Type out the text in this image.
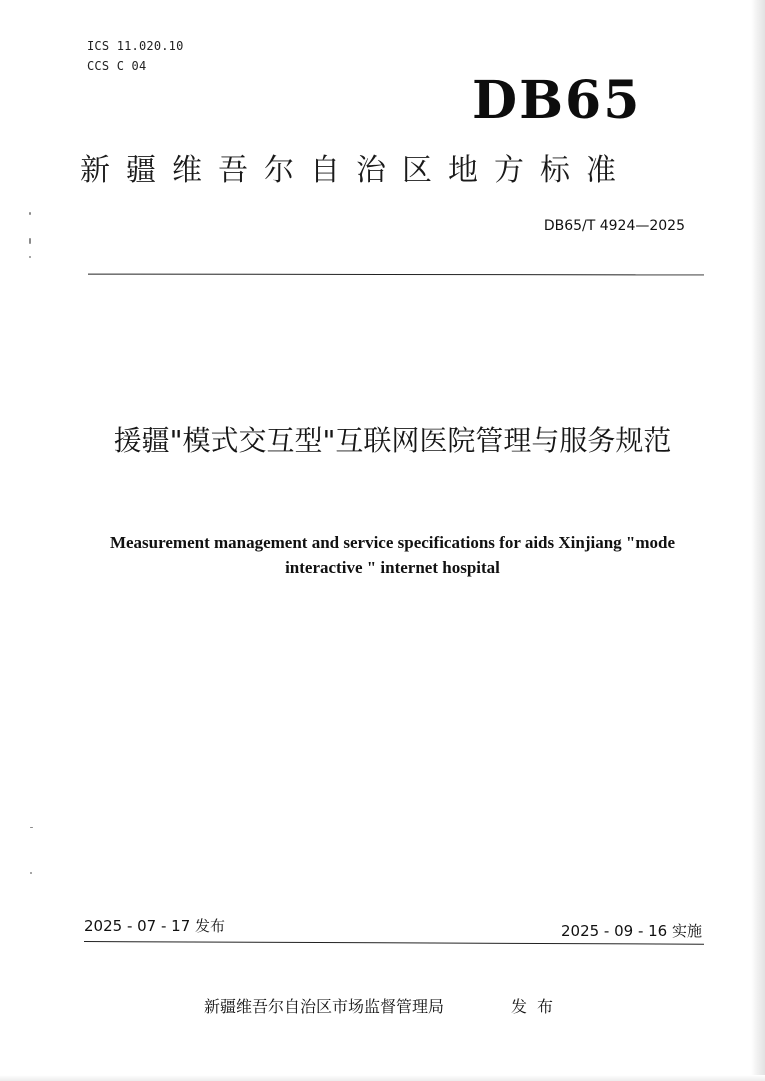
ICS 11.020.10
CCS C 04
DB65
新疆维吾尔自治区地方标准
DB65/T 4924—2025
援疆"模式交互型"互联网医院管理与服务规范
Measurement management and service specifications for aids Xinjiang "mode interactive " internet hospital
2025 - 07 - 17 发布	2025 - 09 - 16 实施
新疆维吾尔自治区市场监督管理局	发布
